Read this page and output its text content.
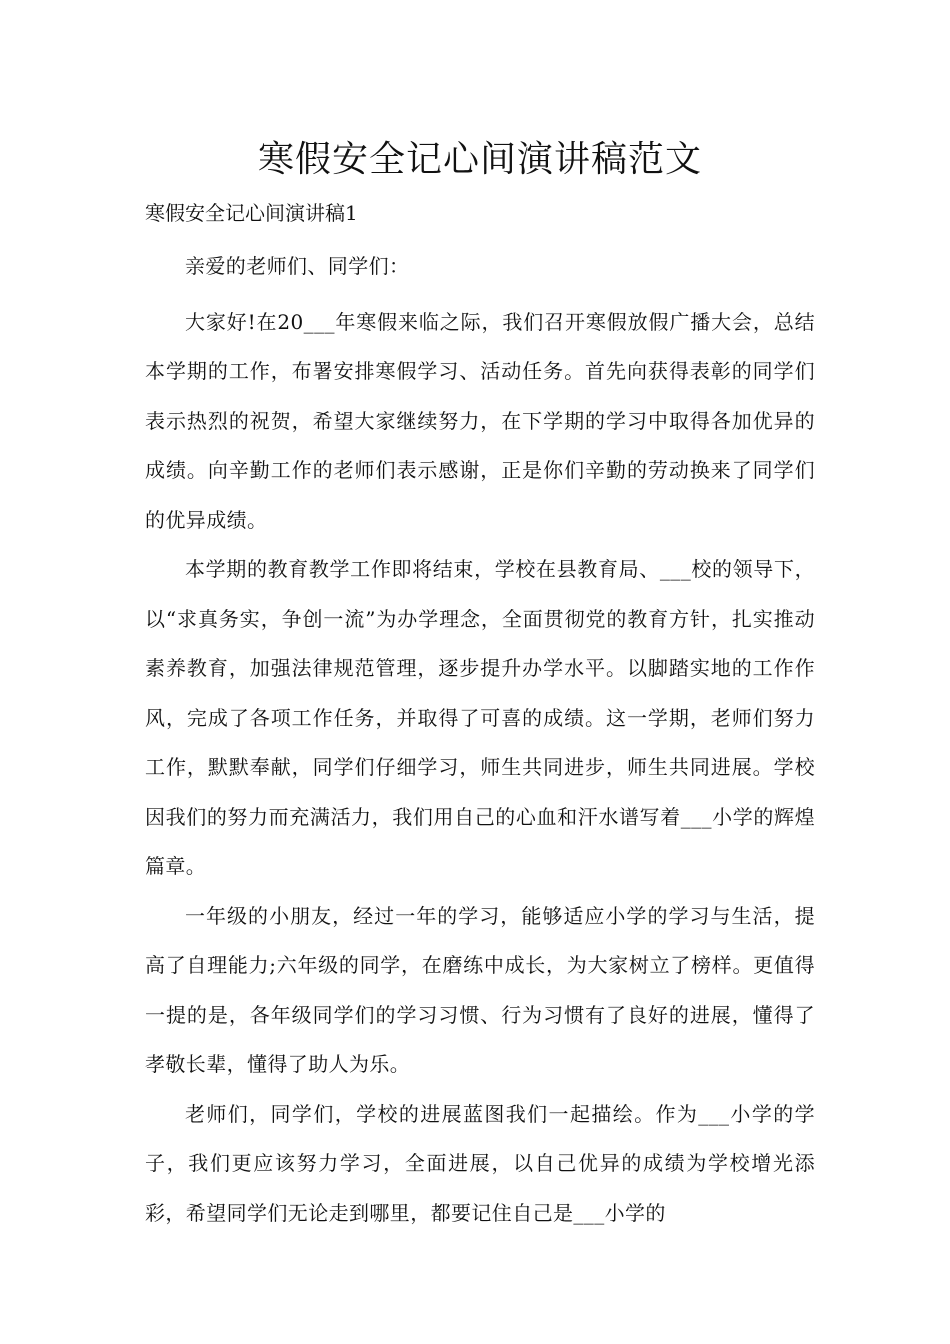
寒假安全记心间演讲稿范文

寒假安全记心间演讲稿1

亲爱的老师们、同学们：

大家好!在20___年寒假来临之际，我们召开寒假放假广播大会，总结本学期的工作，布署安排寒假学习、活动任务。首先向获得表彰的同学们表示热烈的祝贺，希望大家继续努力，在下学期的学习中取得各加优异的成绩。向辛勤工作的老师们表示感谢，正是你们辛勤的劳动换来了同学们的优异成绩。

本学期的教育教学工作即将结束，学校在县教育局、___校的领导下，以“求真务实，争创一流”为办学理念，全面贯彻党的教育方针，扎实推动素养教育，加强法律规范管理，逐步提升办学水平。以脚踏实地的工作作风，完成了各项工作任务，并取得了可喜的成绩。这一学期，老师们努力工作，默默奉献，同学们仔细学习，师生共同进步，师生共同进展。学校因我们的努力而充满活力，我们用自己的心血和汗水谱写着___小学的辉煌篇章。

一年级的小朋友，经过一年的学习，能够适应小学的学习与生活，提高了自理能力;六年级的同学，在磨练中成长，为大家树立了榜样。更值得一提的是，各年级同学们的学习习惯、行为习惯有了良好的进展，懂得了孝敬长辈，懂得了助人为乐。

老师们，同学们，学校的进展蓝图我们一起描绘。作为___小学的学子，我们更应该努力学习，全面进展，以自己优异的成绩为学校增光添彩，希望同学们无论走到哪里，都要记住自己是___小学的
